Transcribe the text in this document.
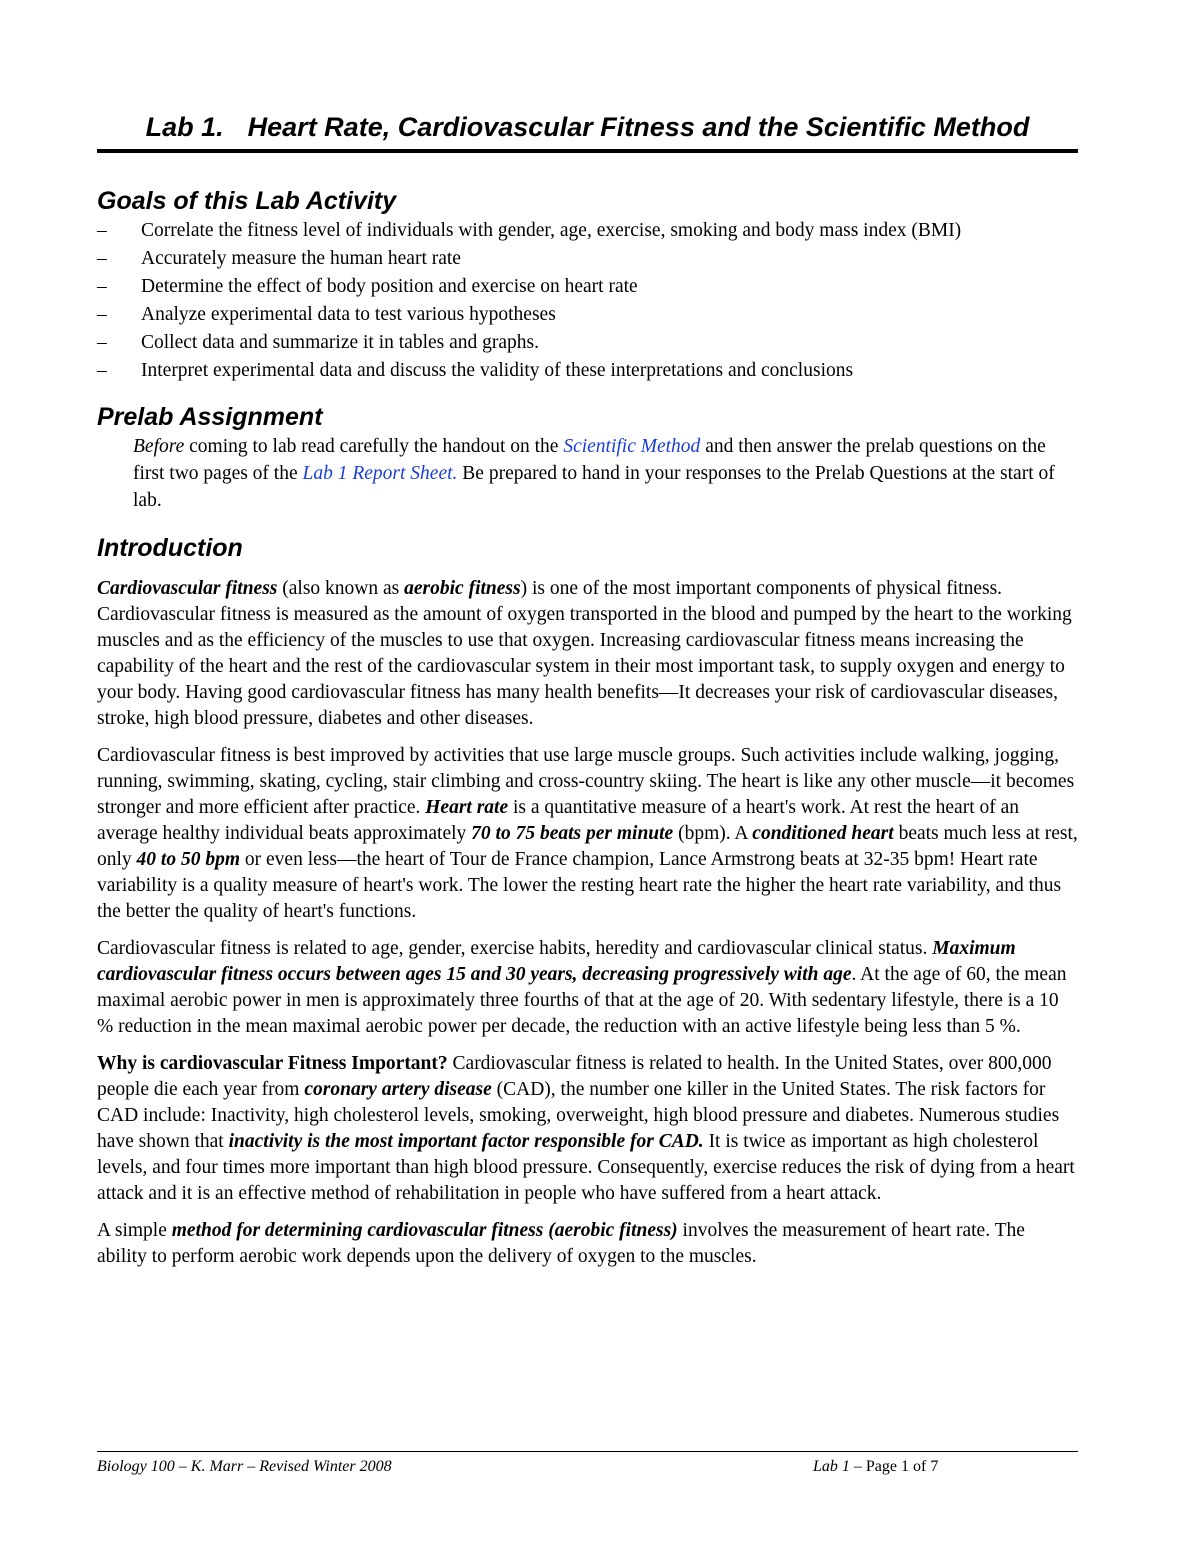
Lab 1. Heart Rate, Cardiovascular Fitness and the Scientific Method
Goals of this Lab Activity
– Correlate the fitness level of individuals with gender, age, exercise, smoking and body mass index (BMI)
– Accurately measure the human heart rate
– Determine the effect of body position and exercise on heart rate
– Analyze experimental data to test various hypotheses
– Collect data and summarize it in tables and graphs.
– Interpret experimental data and discuss the validity of these interpretations and conclusions
Prelab Assignment

Before coming to lab read carefully the handout on the Scientific Method and then answer the prelab questions on the first two pages of the Lab 1 Report Sheet. Be prepared to hand in your responses to the Prelab Questions at the start of lab.

Introduction

Cardiovascular fitness (also known as aerobic fitness) is one of the most important components of physical fitness. Cardiovascular fitness is measured as the amount of oxygen transported in the blood and pumped by the heart to the working muscles and as the efficiency of the muscles to use that oxygen. Increasing cardiovascular fitness means increasing the capability of the heart and the rest of the cardiovascular system in their most important task, to supply oxygen and energy to your body. Having good cardiovascular fitness has many health benefits—It decreases your risk of cardiovascular diseases, stroke, high blood pressure, diabetes and other diseases.

Cardiovascular fitness is best improved by activities that use large muscle groups. Such activities include walking, jogging, running, swimming, skating, cycling, stair climbing and cross-country skiing. The heart is like any other muscle—it becomes stronger and more efficient after practice. Heart rate is a quantitative measure of a heart's work. At rest the heart of an average healthy individual beats approximately 70 to 75 beats per minute (bpm). A conditioned heart beats much less at rest, only 40 to 50 bpm or even less—the heart of Tour de France champion, Lance Armstrong beats at 32-35 bpm! Heart rate variability is a quality measure of heart's work. The lower the resting heart rate the higher the heart rate variability, and thus the better the quality of heart's functions.

Cardiovascular fitness is related to age, gender, exercise habits, heredity and cardiovascular clinical status. Maximum cardiovascular fitness occurs between ages 15 and 30 years, decreasing progressively with age. At the age of 60, the mean maximal aerobic power in men is approximately three fourths of that at the age of 20. With sedentary lifestyle, there is a 10 % reduction in the mean maximal aerobic power per decade, the reduction with an active lifestyle being less than 5 %.

Why is cardiovascular Fitness Important? Cardiovascular fitness is related to health. In the United States, over 800,000 people die each year from coronary artery disease (CAD), the number one killer in the United States. The risk factors for CAD include: Inactivity, high cholesterol levels, smoking, overweight, high blood pressure and diabetes. Numerous studies have shown that inactivity is the most important factor responsible for CAD. It is twice as important as high cholesterol levels, and four times more important than high blood pressure. Consequently, exercise reduces the risk of dying from a heart attack and it is an effective method of rehabilitation in people who have suffered from a heart attack.

A simple method for determining cardiovascular fitness (aerobic fitness) involves the measurement of heart rate. The ability to perform aerobic work depends upon the delivery of oxygen to the muscles.

Biology 100 – K. Marr – Revised Winter 2008	Lab 1 – Page 1 of 7
